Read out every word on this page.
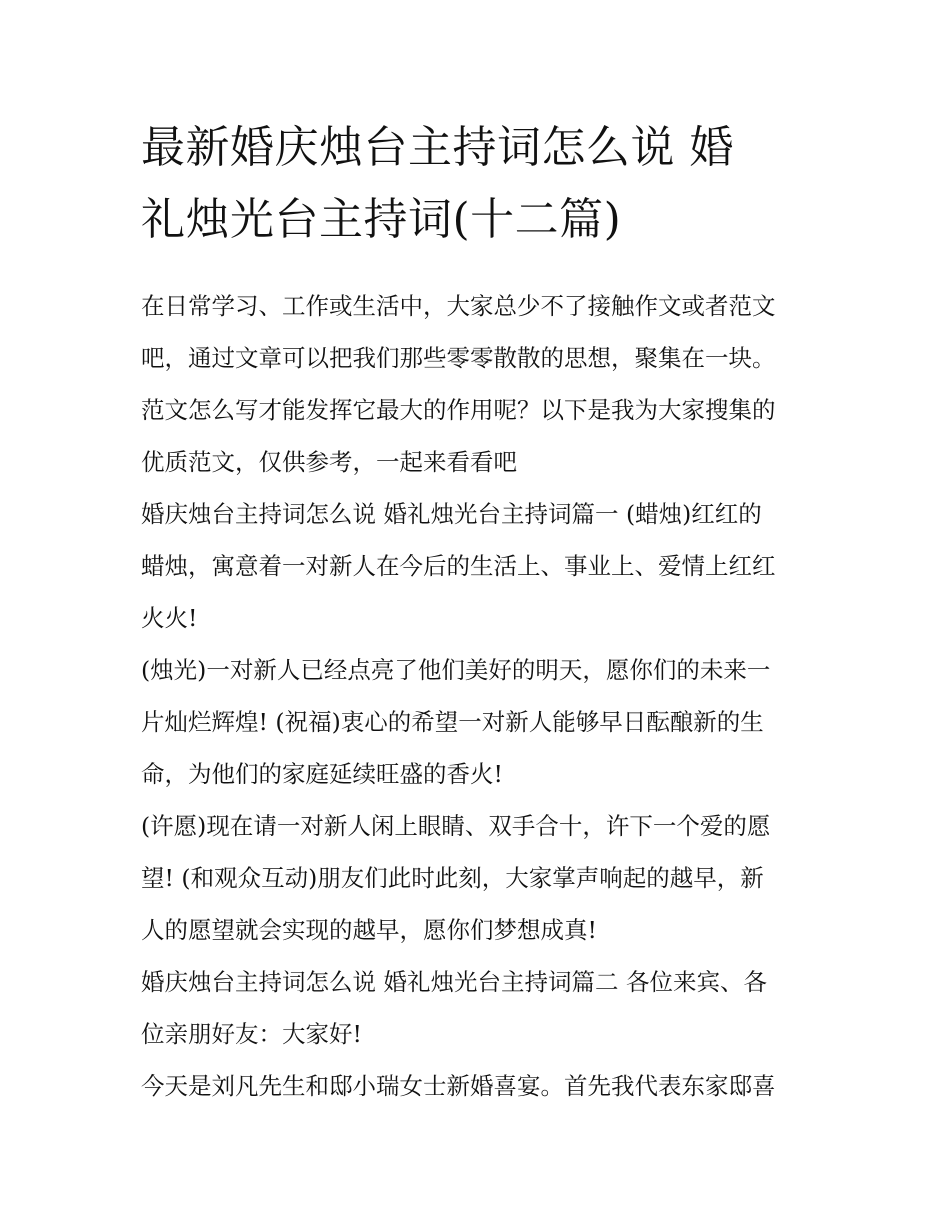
最新婚庆烛台主持词怎么说 婚
礼烛光台主持词(十二篇)

在日常学习、工作或生活中，大家总少不了接触作文或者范文
吧，通过文章可以把我们那些零零散散的思想，聚集在一块。
范文怎么写才能发挥它最大的作用呢？以下是我为大家搜集的
优质范文，仅供参考，一起来看看吧

婚庆烛台主持词怎么说 婚礼烛光台主持词篇一 (蜡烛)红红的
蜡烛，寓意着一对新人在今后的生活上、事业上、爱情上红红
火火!

(烛光)一对新人已经点亮了他们美好的明天，愿你们的未来一
片灿烂辉煌! (祝福)衷心的希望一对新人能够早日酝酿新的生
命，为他们的家庭延续旺盛的香火!

(许愿)现在请一对新人闲上眼睛、双手合十，许下一个爱的愿
望! (和观众互动)朋友们此时此刻，大家掌声响起的越早，新
人的愿望就会实现的越早，愿你们梦想成真!

婚庆烛台主持词怎么说 婚礼烛光台主持词篇二 各位来宾、各
位亲朋好友：大家好!

今天是刘凡先生和邸小瑞女士新婚喜宴。首先我代表东家邸喜
